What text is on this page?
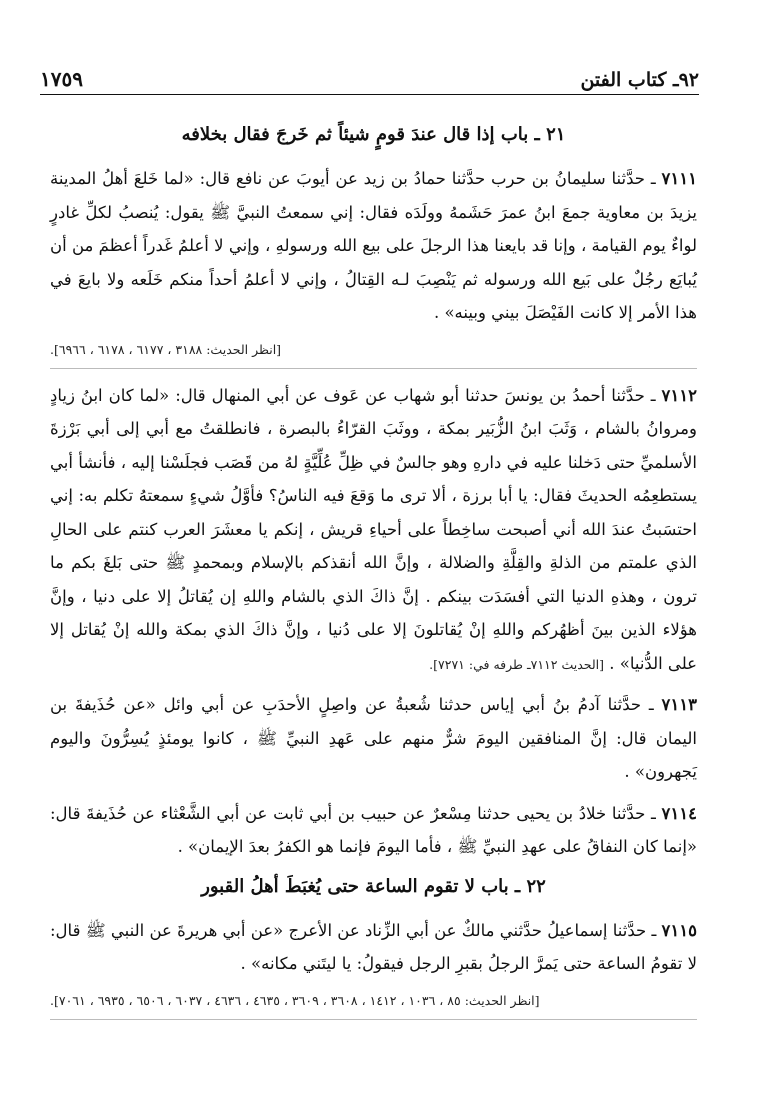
٩٢ـ كتاب الفتن
١٧٥٩
٢١ ـ باب إذا قال عندَ قومٍ شيئاً ثم خَرجَ فقال بخلافه

٧١١١ ـ حدَّثنا سليمانُ بن حرب حدَّثنا حمادُ بن زيد عن أيوبَ عن نافع قال: «لما خَلعَ أهلُ المدينة يزيدَ بن معاوية جمعَ ابنُ عمرَ حَشَمهُ وولَدَه فقال: إني سمعتُ النبيَّ ﷺ يقول: يُنصبُ لكلِّ غادرٍ لواءٌ يوم القيامة ، وإنا قد بايعنا هذا الرجلَ على بيع الله ورسولهِ ، وإني لا أعلمُ غَدراً أعظمَ من أن يُبايَع رجُلٌ على بَيع الله ورسوله ثم يَنْصِبَ لـه القِتالُ ، وإني لا أعلمُ أحداً منكم خَلَعه ولا بايعَ في هذا الأمر إلا كانت الفَيْصَلَ بيني وبينه» .

[انظر الحديث: ٣١٨٨ ، ٦١٧٧ ، ٦١٧٨ ، ٦٩٦٦].

٧١١٢ ـ حدَّثنا أحمدُ بن يونسَ حدثنا أبو شهاب عن عَوف عن أبي المنهال قال: «لما كان ابنُ زيادٍ ومروانُ بالشام ، وَثَبَ ابنُ الزُّبَير بمكة ، ووثَبَ القرّاءُ بالبصرة ، فانطلقتُ مع أبي إلى أبي بَرْزةَ الأسلميِّ حتى دَخلنا عليه في دارهِ وهو جالسٌ في ظِلِّ عُلِّيَّةٍ لهُ من قَصَب فجلَسْنا إليه ، فأنشأ أبي يستطعِمُه الحديثَ فقال: يا أبا برزة ، ألا ترى ما وَقعَ فيه الناسُ؟ فأوَّلُ شيءٍ سمعتهُ تكلم به: إني احتسَبتُ عندَ الله أني أصبحت ساخِطاً على أحياءِ قريش ، إنكم يا معشَرَ العرب كنتم على الحالِ الذي علمتم من الذلةِ والقِلَّةِ والضلالة ، وإنَّ الله أنقذكم بالإسلام وبمحمدٍ ﷺ حتى بَلغَ بكم ما ترون ، وهذهِ الدنيا التي أفسَدَت بينكم . إنَّ ذاكَ الذي بالشام واللهِ إن يُقاتلُ إلا على دنيا ، وإنَّ هؤلاء الذين بينَ أظهُركم واللهِ إنْ يُقاتلونَ إلا على دُنيا ، وإنَّ ذاكَ الذي بمكة والله إنْ يُقاتل إلا على الدُّنيا» . [الحديث ٧١١٢ـ طرفه في: ٧٢٧١].

٧١١٣ ـ حدَّثنا آدمُ بنُ أبي إياس حدثنا شُعبةُ عن واصِلٍ الأحدَبِ عن أبي وائل «عن حُذَيفةَ بن اليمان قال: إنَّ المنافقين اليومَ شرٌّ منهم على عَهدِ النبيِّ ﷺ ، كانوا يومئذٍ يُسِرُّونَ واليوم يَجهرون» .

٧١١٤ ـ حدَّثنا خلادُ بن يحيى حدثنا مِسْعرٌ عن حبيب بن أبي ثابت عن أبي الشَّعْثاء عن حُذَيفةَ قال: «إنما كان النفاقُ على عهدِ النبيِّ ﷺ ، فأما اليومَ فإنما هو الكفرُ بعدَ الإيمان» .

٢٢ ـ باب لا تقوم الساعة حتى يُغبَطَ أهلُ القبور

٧١١٥ ـ حدَّثنا إسماعيلُ حدَّثني مالكٌ عن أبي الزِّناد عن الأعرج «عن أبي هريرةَ عن النبي ﷺ قال: لا تقومُ الساعة حتى يَمرَّ الرجلُ بقبرِ الرجل فيقولُ: يا ليتَني مكانه» .

[انظر الحديث: ٨٥ ، ١٠٣٦ ، ١٤١٢ ، ٣٦٠٨ ، ٣٦٠٩ ، ٤٦٣٥ ، ٤٦٣٦ ، ٦٠٣٧ ، ٦٥٠٦ ، ٦٩٣٥ ، ٧٠٦١].
